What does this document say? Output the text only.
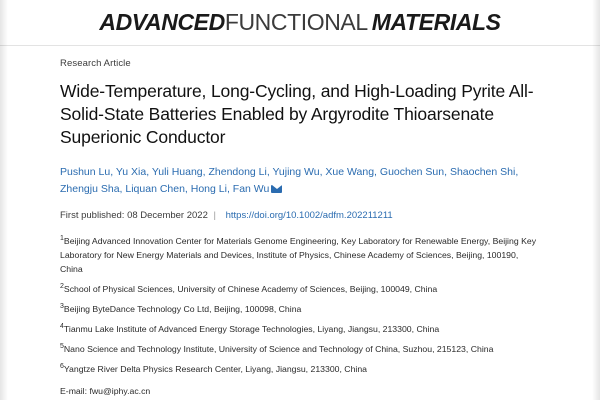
ADVANCEDFUNCTIONAL MATERIALS
Research Article
Wide-Temperature, Long-Cycling, and High-Loading Pyrite All-Solid-State Batteries Enabled by Argyrodite Thioarsenate Superionic Conductor
Pushun Lu, Yu Xia, Yuli Huang, Zhendong Li, Yujing Wu, Xue Wang, Guochen Sun, Shaochen Shi, Zhengju Sha, Liquan Chen, Hong Li, Fan Wu
First published: 08 December 2022 | https://doi.org/10.1002/adfm.202211211
$^1$Beijing Advanced Innovation Center for Materials Genome Engineering, Key Laboratory for Renewable Energy, Beijing Key Laboratory for New Energy Materials and Devices, Institute of Physics, Chinese Academy of Sciences, Beijing, 100190, China
$^2$School of Physical Sciences, University of Chinese Academy of Sciences, Beijing, 100049, China
$^3$Beijing ByteDance Technology Co Ltd, Beijing, 100098, China
$^4$Tianmu Lake Institute of Advanced Energy Storage Technologies, Liyang, Jiangsu, 213300, China
$^5$Nano Science and Technology Institute, University of Science and Technology of China, Suzhou, 215123, China
$^6$Yangtze River Delta Physics Research Center, Liyang, Jiangsu, 213300, China
E-mail: fwu@iphy.ac.cn
